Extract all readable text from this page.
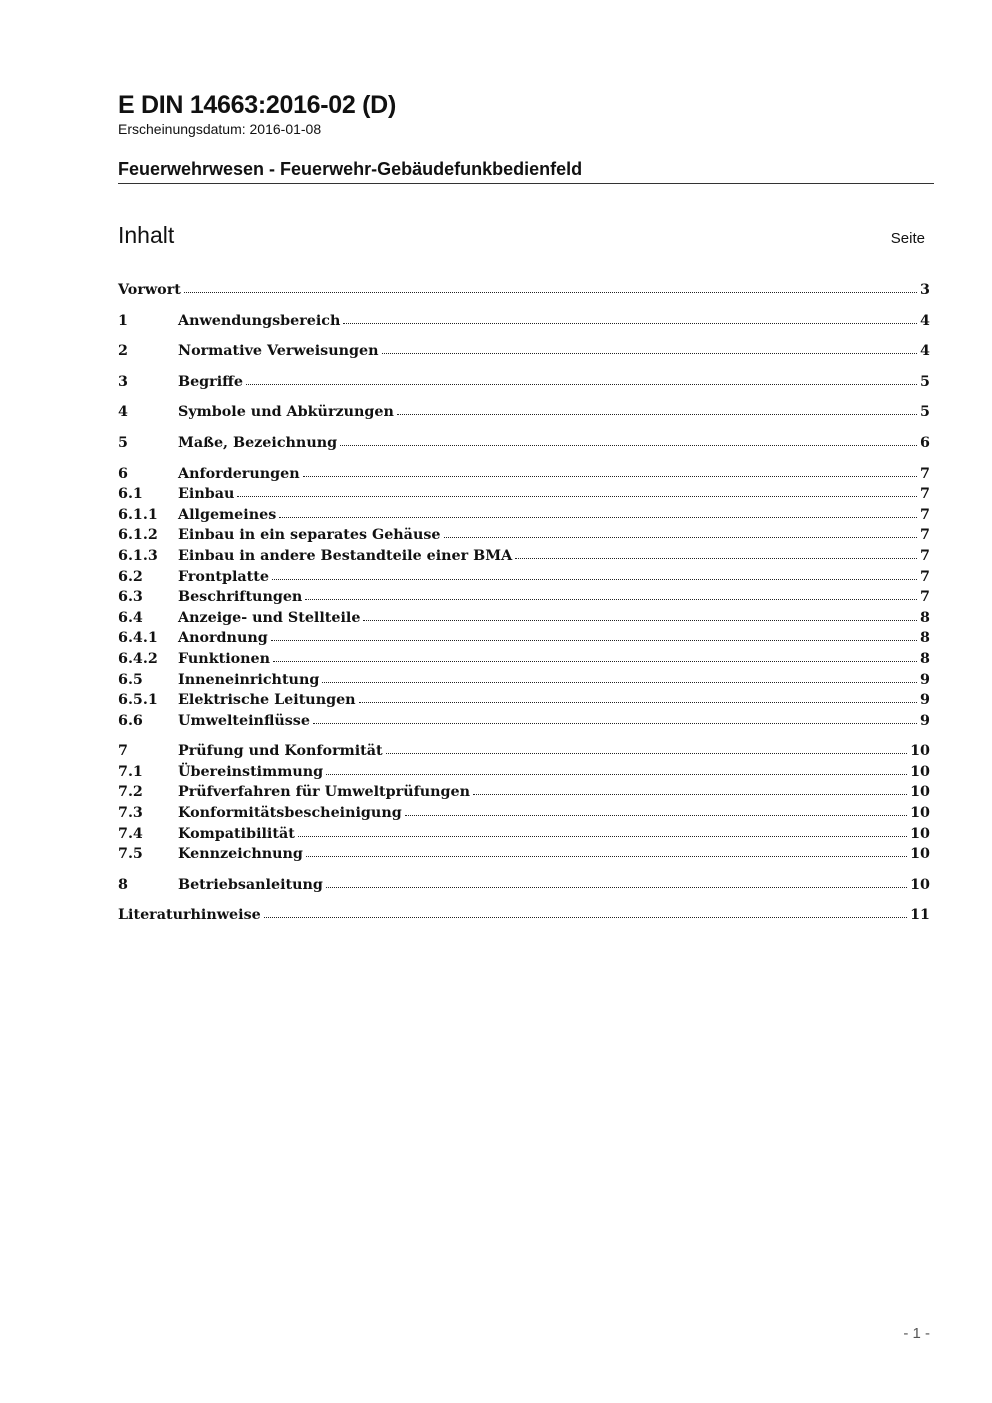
E DIN 14663:2016-02 (D)
Erscheinungsdatum: 2016-01-08
Feuerwehrwesen - Feuerwehr-Gebäudefunkbedienfeld
Inhalt	Seite
Vorwort	3
1	Anwendungsbereich	4
2	Normative Verweisungen	4
3	Begriffe	5
4	Symbole und Abkürzungen	5
5	Maße, Bezeichnung	6
6	Anforderungen	7
6.1	Einbau	7
6.1.1	Allgemeines	7
6.1.2	Einbau in ein separates Gehäuse	7
6.1.3	Einbau in andere Bestandteile einer BMA	7
6.2	Frontplatte	7
6.3	Beschriftungen	7
6.4	Anzeige- und Stellteile	8
6.4.1	Anordnung	8
6.4.2	Funktionen	8
6.5	Inneneinrichtung	9
6.5.1	Elektrische Leitungen	9
6.6	Umwelteinflüsse	9
7	Prüfung und Konformität	10
7.1	Übereinstimmung	10
7.2	Prüfverfahren für Umweltprüfungen	10
7.3	Konformitätsbescheinigung	10
7.4	Kompatibilität	10
7.5	Kennzeichnung	10
8	Betriebsanleitung	10
Literaturhinweise	11
- 1 -
